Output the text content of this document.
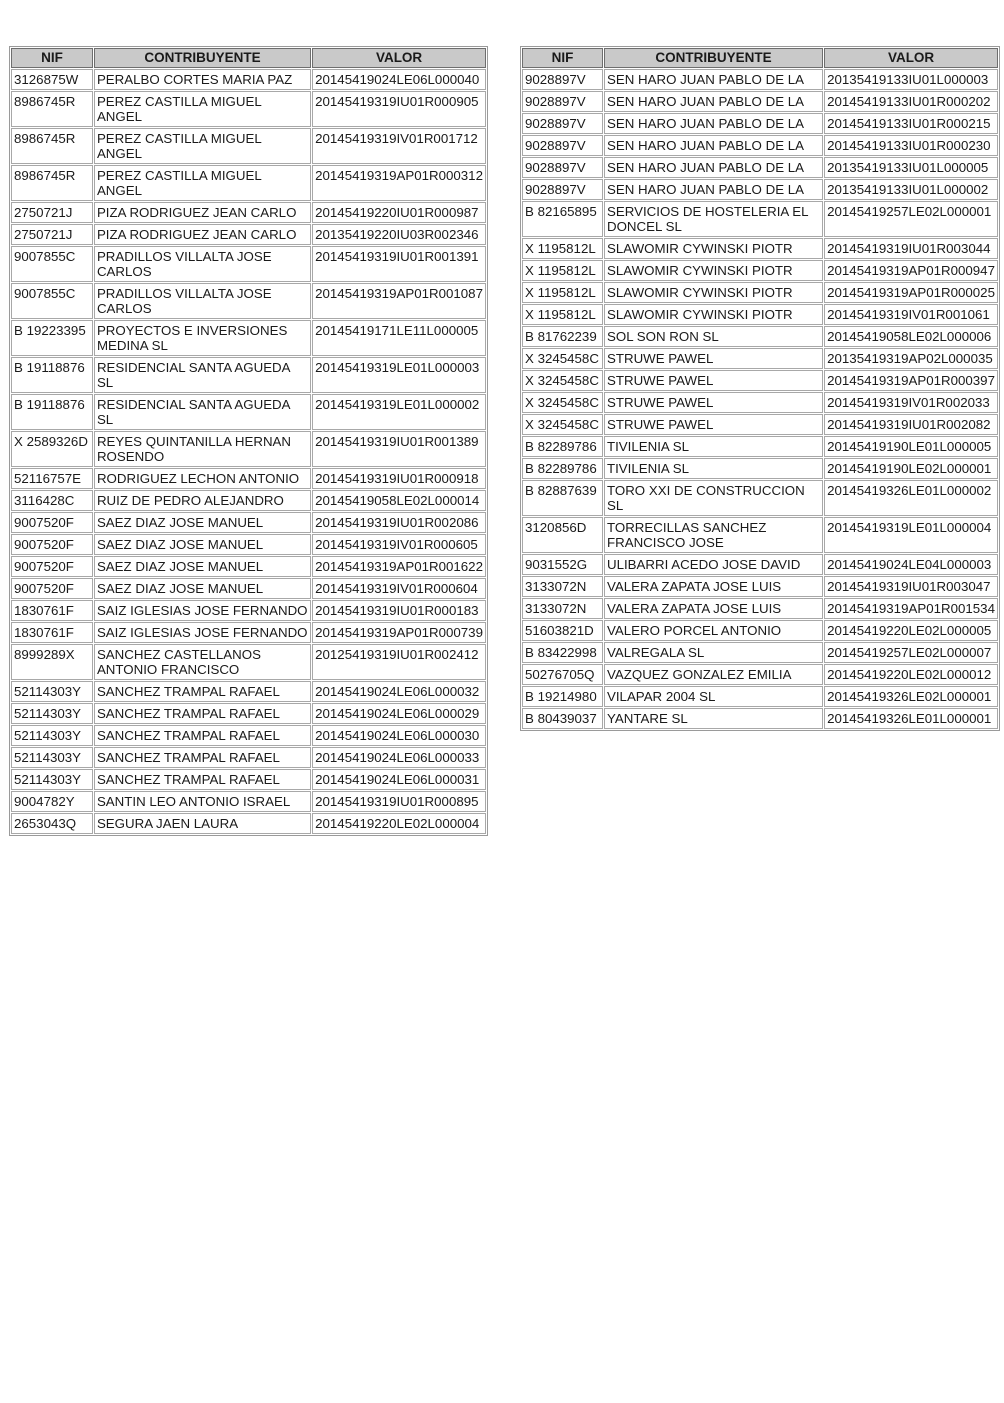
NIF	CONTRIBUYENTE	VALOR
3126875W	PERALBO CORTES MARIA PAZ	20145419024LE06L000040
8986745R	PEREZ CASTILLA MIGUEL ANGEL	20145419319IU01R000905
8986745R	PEREZ CASTILLA MIGUEL ANGEL	20145419319IV01R001712
8986745R	PEREZ CASTILLA MIGUEL ANGEL	20145419319AP01R000312
2750721J	PIZA RODRIGUEZ JEAN CARLO	20145419220IU01R000987
2750721J	PIZA RODRIGUEZ JEAN CARLO	20135419220IU03R002346
9007855C	PRADILLOS VILLALTA JOSE CARLOS	20145419319IU01R001391
9007855C	PRADILLOS VILLALTA JOSE CARLOS	20145419319AP01R001087
B 19223395	PROYECTOS E INVERSIONES MEDINA SL	20145419171LE11L000005
B 19118876	RESIDENCIAL SANTA AGUEDA SL	20145419319LE01L000003
B 19118876	RESIDENCIAL SANTA AGUEDA SL	20145419319LE01L000002
X 2589326D	REYES QUINTANILLA HERNAN ROSENDO	20145419319IU01R001389
52116757E	RODRIGUEZ LECHON ANTONIO	20145419319IU01R000918
3116428C	RUIZ DE PEDRO ALEJANDRO	20145419058LE02L000014
9007520F	SAEZ DIAZ JOSE MANUEL	20145419319IU01R002086
9007520F	SAEZ DIAZ JOSE MANUEL	20145419319IV01R000605
9007520F	SAEZ DIAZ JOSE MANUEL	20145419319AP01R001622
9007520F	SAEZ DIAZ JOSE MANUEL	20145419319IV01R000604
1830761F	SAIZ IGLESIAS JOSE FERNANDO	20145419319IU01R000183
1830761F	SAIZ IGLESIAS JOSE FERNANDO	20145419319AP01R000739
8999289X	SANCHEZ CASTELLANOS ANTONIO FRANCISCO	20125419319IU01R002412
52114303Y	SANCHEZ TRAMPAL RAFAEL	20145419024LE06L000032
52114303Y	SANCHEZ TRAMPAL RAFAEL	20145419024LE06L000029
52114303Y	SANCHEZ TRAMPAL RAFAEL	20145419024LE06L000030
52114303Y	SANCHEZ TRAMPAL RAFAEL	20145419024LE06L000033
52114303Y	SANCHEZ TRAMPAL RAFAEL	20145419024LE06L000031
9004782Y	SANTIN LEO ANTONIO ISRAEL	20145419319IU01R000895
2653043Q	SEGURA JAEN LAURA	20145419220LE02L000004
NIF	CONTRIBUYENTE	VALOR
9028897V	SEN HARO JUAN PABLO DE LA	20135419133IU01L000003
9028897V	SEN HARO JUAN PABLO DE LA	20145419133IU01R000202
9028897V	SEN HARO JUAN PABLO DE LA	20145419133IU01R000215
9028897V	SEN HARO JUAN PABLO DE LA	20145419133IU01R000230
9028897V	SEN HARO JUAN PABLO DE LA	20135419133IU01L000005
9028897V	SEN HARO JUAN PABLO DE LA	20135419133IU01L000002
B 82165895	SERVICIOS DE HOSTELERIA EL DONCEL SL	20145419257LE02L000001
X 1195812L	SLAWOMIR CYWINSKI PIOTR	20145419319IU01R003044
X 1195812L	SLAWOMIR CYWINSKI PIOTR	20145419319AP01R000947
X 1195812L	SLAWOMIR CYWINSKI PIOTR	20145419319AP01R000025
X 1195812L	SLAWOMIR CYWINSKI PIOTR	20145419319IV01R001061
B 81762239	SOL SON RON SL	20145419058LE02L000006
X 3245458C	STRUWE PAWEL	20135419319AP02L000035
X 3245458C	STRUWE PAWEL	20145419319AP01R000397
X 3245458C	STRUWE PAWEL	20145419319IV01R002033
X 3245458C	STRUWE PAWEL	20145419319IU01R002082
B 82289786	TIVILENIA SL	20145419190LE01L000005
B 82289786	TIVILENIA SL	20145419190LE02L000001
B 82887639	TORO XXI DE CONSTRUCCION SL	20145419326LE01L000002
3120856D	TORRECILLAS SANCHEZ FRANCISCO JOSE	20145419319LE01L000004
9031552G	ULIBARRI ACEDO JOSE DAVID	20145419024LE04L000003
3133072N	VALERA ZAPATA JOSE LUIS	20145419319IU01R003047
3133072N	VALERA ZAPATA JOSE LUIS	20145419319AP01R001534
51603821D	VALERO PORCEL ANTONIO	20145419220LE02L000005
B 83422998	VALREGALA SL	20145419257LE02L000007
50276705Q	VAZQUEZ GONZALEZ EMILIA	20145419220LE02L000012
B 19214980	VILAPAR 2004 SL	20145419326LE02L000001
B 80439037	YANTARE SL	20145419326LE01L000001
